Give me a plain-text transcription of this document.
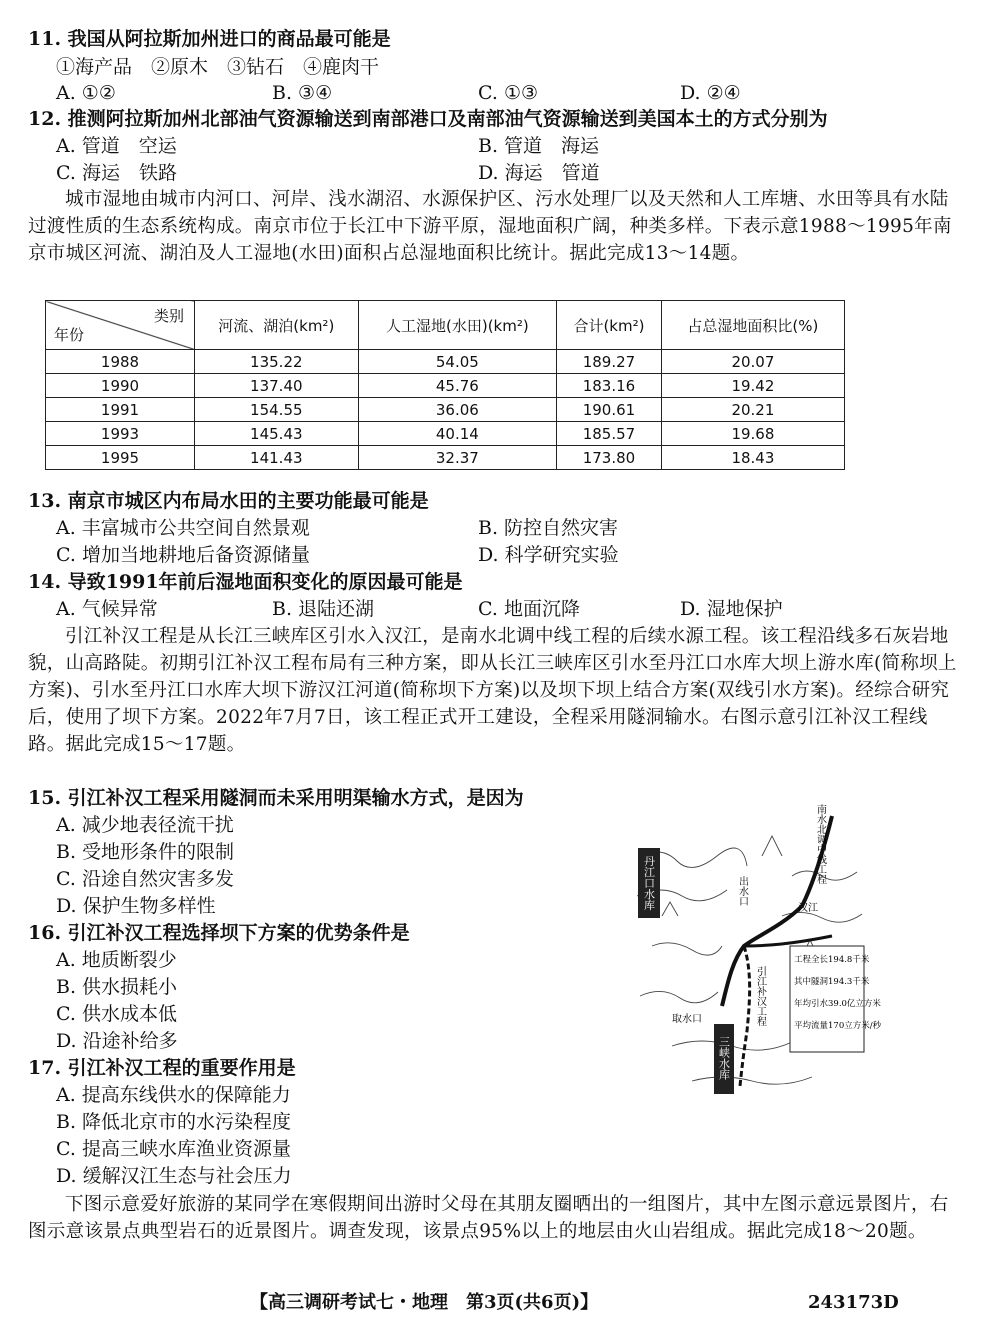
11. 我国从阿拉斯加州进口的商品最可能是
①海产品　②原木　③钻石　④鹿肉干
A. ①②	B. ③④	C. ①③	D. ②④
12. 推测阿拉斯加州北部油气资源输送到南部港口及南部油气资源输送到美国本土的方式分别为
A. 管道　空运	B. 管道　海运
C. 海运　铁路	D. 海运　管道
城市湿地由城市内河口、河岸、浅水湖沼、水源保护区、污水处理厂以及天然和人工库塘、水田等具有水陆过渡性质的生态系统构成。南京市位于长江中下游平原，湿地面积广阔，种类多样。下表示意1988～1995年南京市城区河流、湖泊及人工湿地(水田)面积占总湿地面积比统计。据此完成13～14题。
类别
年份	河流、湖泊(km²)	人工湿地(水田)(km²)	合计(km²)	占总湿地面积比(%)
1988	135.22	54.05	189.27	20.07
1990	137.40	45.76	183.16	19.42
1991	154.55	36.06	190.61	20.21
1993	145.43	40.14	185.57	19.68
1995	141.43	32.37	173.80	18.43
13. 南京市城区内布局水田的主要功能最可能是
A. 丰富城市公共空间自然景观	B. 防控自然灾害
C. 增加当地耕地后备资源储量	D. 科学研究实验
14. 导致1991年前后湿地面积变化的原因最可能是
A. 气候异常	B. 退陆还湖	C. 地面沉降	D. 湿地保护
引江补汉工程是从长江三峡库区引水入汉江，是南水北调中线工程的后续水源工程。该工程沿线多石灰岩地貌，山高路陡。初期引江补汉工程布局有三种方案，即从长江三峡库区引水至丹江口水库大坝上游水库(简称坝上方案)、引水至丹江口水库大坝下游汉江河道(简称坝下方案)以及坝下坝上结合方案(双线引水方案)。经综合研究后，使用了坝下方案。2022年7月7日，该工程正式开工建设，全程采用隧洞输水。右图示意引江补汉工程线路。据此完成15～17题。
15. 引江补汉工程采用隧洞而未采用明渠输水方式，是因为
A. 减少地表径流干扰
B. 受地形条件的限制
C. 沿途自然灾害多发
D. 保护生物多样性
16. 引江补汉工程选择坝下方案的优势条件是
A. 地质断裂少
B. 供水损耗小
C. 供水成本低
D. 沿途补给多
17. 引江补汉工程的重要作用是
A. 提高东线供水的保障能力
B. 降低北京市的水污染程度
C. 提高三峡水库渔业资源量
D. 缓解汉江生态与社会压力
丹江口水库
三峡水库
南水北调中线工程
出水口
汉江
引江补汉工程
取水口
工程全长194.8千米
其中隧洞194.3千米
年均引水39.0亿立方米
平均流量170立方米/秒
下图示意爱好旅游的某同学在寒假期间出游时父母在其朋友圈晒出的一组图片，其中左图示意远景图片，右图示意该景点典型岩石的近景图片。调查发现，该景点95%以上的地层由火山岩组成。据此完成18～20题。
【高三调研考试七・地理　第3页(共6页)】	243173D
